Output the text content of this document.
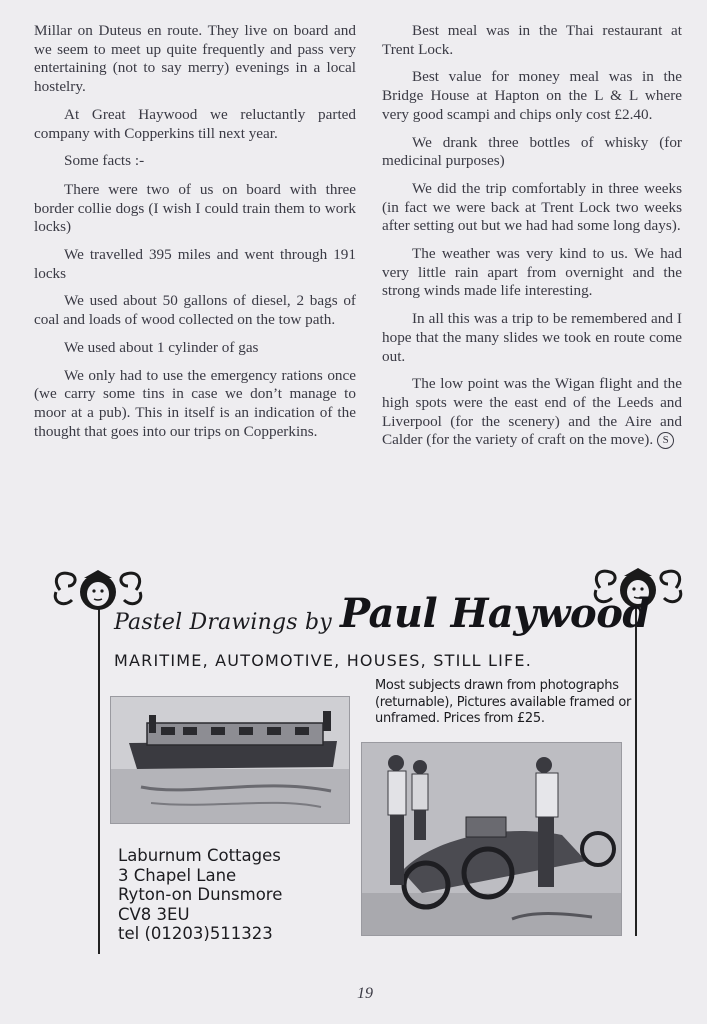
Millar on Duteus en route. They live on board and we seem to meet up quite frequently and pass very entertaining (not to say merry) evenings in a local hostelry.

At Great Haywood we reluctantly parted company with Copperkins till next year.

Some facts :-

There were two of us on board with three border collie dogs (I wish I could train them to work locks)

We travelled 395 miles and went through 191 locks

We used about 50 gallons of diesel, 2 bags of coal and loads of wood collected on the tow path.

We used about 1 cylinder of gas

We only had to use the emergency rations once (we carry some tins in case we don’t manage to moor at a pub). This in itself is an indication of the thought that goes into our trips on Copperkins.

Best meal was in the Thai restaurant at Trent Lock.

Best value for money meal was in the Bridge House at Hapton on the L & L where very good scampi and chips only cost £2.40.

We drank three bottles of whisky (for medicinal purposes)

We did the trip comfortably in three weeks (in fact we were back at Trent Lock two weeks after setting out but we had had some long days).

The weather was very kind to us. We had very little rain apart from overnight and the strong winds made life interesting.

In all this was a trip to be remembered and I hope that the many slides we took en route come out.

The low point was the Wigan flight and the high spots were the east end of the Leeds and Liverpool (for the scenery) and the Aire and Calder (for the variety of craft on the move). S

Pastel Drawings by Paul Haywood
MARITIME, AUTOMOTIVE, HOUSES, STILL LIFE.
Most subjects drawn from photographs (returnable), Pictures available framed or unframed. Prices from £25.
Laburnum Cottages
3 Chapel Lane
Ryton-on Dunsmore
CV8 3EU
tel (01203)511323
19
